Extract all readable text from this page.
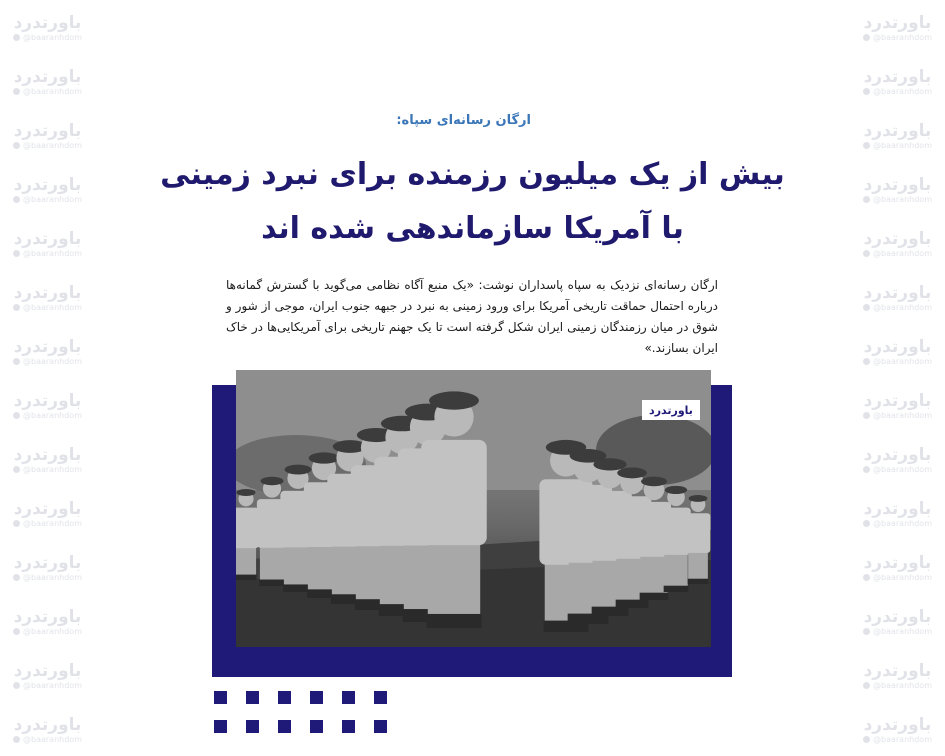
باورتدرد
@baaranhdom
باورتدرد
@baaranhdom
باورتدرد
@baaranhdom
باورتدرد
@baaranhdom
باورتدرد
@baaranhdom
باورتدرد
@baaranhdom
باورتدرد
@baaranhdom
باورتدرد
@baaranhdom
باورتدرد
@baaranhdom
باورتدرد
@baaranhdom
باورتدرد
@baaranhdom
باورتدرد
@baaranhdom
باورتدرد
@baaranhdom
باورتدرد
@baaranhdom
باورتدرد
@baaranhdom
باورتدرد
@baaranhdom
باورتدرد
@baaranhdom
باورتدرد
@baaranhdom
باورتدرد
@baaranhdom
باورتدرد
@baaranhdom
باورتدرد
@baaranhdom
باورتدرد
@baaranhdom
باورتدرد
@baaranhdom
باورتدرد
@baaranhdom
باورتدرد
@baaranhdom
باورتدرد
@baaranhdom
باورتدرد
@baaranhdom
باورتدرد
@baaranhdom
ارگان رسانه‌ای سپاه:
بیش از یک میلیون رزمنده برای نبرد زمینی با آمریکا سازماندهی شده اند

ارگان رسانه‌ای نزدیک به سپاه پاسداران نوشت: «یک منبع آگاه نظامی می‌گوید با گسترش گمانه‌ها درباره احتمال حماقت تاریخی آمریکا برای ورود زمینی به نبرد در جبهه جنوب ایران، موجی از شور و شوق در میان رزمندگان زمینی ایران شکل گرفته است تا یک جهنم تاریخی برای آمریکایی‌ها در خاک ایران بسازند.»

باورتدرد
